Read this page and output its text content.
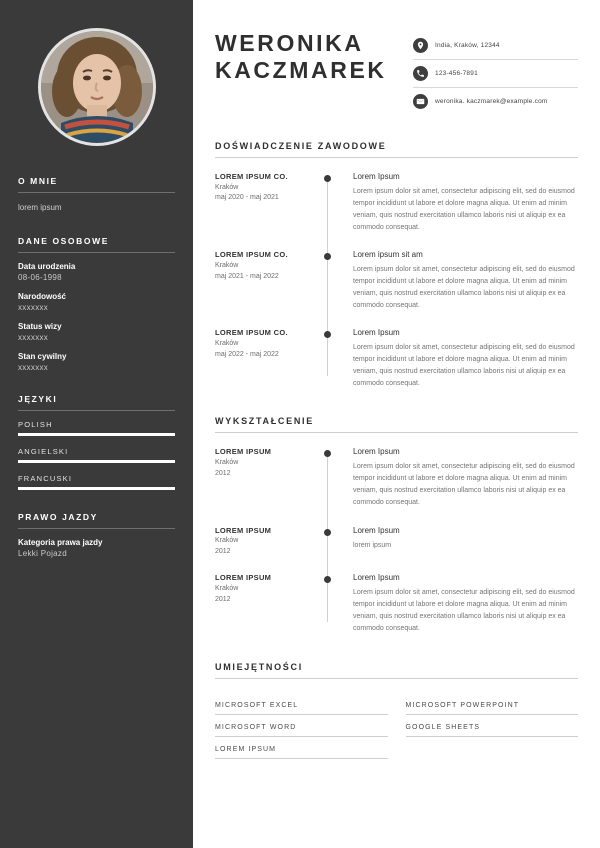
O MNIE

lorem ipsum

DANE OSOBOWE
Data urodzenia
08-06-1998
Narodowość
xxxxxxx
Status wizy
xxxxxxx
Stan cywilny
xxxxxxx
JĘZYKI
POLISH
ANGIELSKI
FRANCUSKI
PRAWO JAZDY
Kategoria prawa jazdy
Lekki Pojazd
WERONIKA
KACZMAREK
India, Kraków, 12344
123-456-7891
weronika. kaczmarek@example.com
DOŚWIADCZENIE ZAWODOWE
LOREM IPSUM CO.
Kraków
maj 2020 - maj 2021
Lorem Ipsum
Lorem ipsum dolor sit amet, consectetur adipiscing elit, sed do eiusmod tempor incididunt ut labore et dolore magna aliqua. Ut enim ad minim veniam, quis nostrud exercitation ullamco laboris nisi ut aliquip ex ea commodo consequat.
LOREM IPSUM CO.
Kraków
maj 2021 - maj 2022
Lorem ipsum sit am
Lorem ipsum dolor sit amet, consectetur adipiscing elit, sed do eiusmod tempor incididunt ut labore et dolore magna aliqua. Ut enim ad minim veniam, quis nostrud exercitation ullamco laboris nisi ut aliquip ex ea commodo consequat.
LOREM IPSUM CO.
Kraków
maj 2022 - maj 2022
Lorem Ipsum
Lorem ipsum dolor sit amet, consectetur adipiscing elit, sed do eiusmod tempor incididunt ut labore et dolore magna aliqua. Ut enim ad minim veniam, quis nostrud exercitation ullamco laboris nisi ut aliquip ex ea commodo consequat.
WYKSZTAŁCENIE
LOREM IPSUM
Kraków
2012
Lorem Ipsum
Lorem ipsum dolor sit amet, consectetur adipiscing elit, sed do eiusmod tempor incididunt ut labore et dolore magna aliqua. Ut enim ad minim veniam, quis nostrud exercitation ullamco laboris nisi ut aliquip ex ea commodo consequat.
LOREM IPSUM
Kraków
2012
Lorem Ipsum
lorem ipsum
LOREM IPSUM
Kraków
2012
Lorem Ipsum
Lorem ipsum dolor sit amet, consectetur adipiscing elit, sed do eiusmod tempor incididunt ut labore et dolore magna aliqua. Ut enim ad minim veniam, quis nostrud exercitation ullamco laboris nisi ut aliquip ex ea commodo consequat.
UMIEJĘTNOŚCI
MICROSOFT EXCEL	MICROSOFT POWERPOINT
MICROSOFT WORD	GOOGLE SHEETS
LOREM IPSUM
